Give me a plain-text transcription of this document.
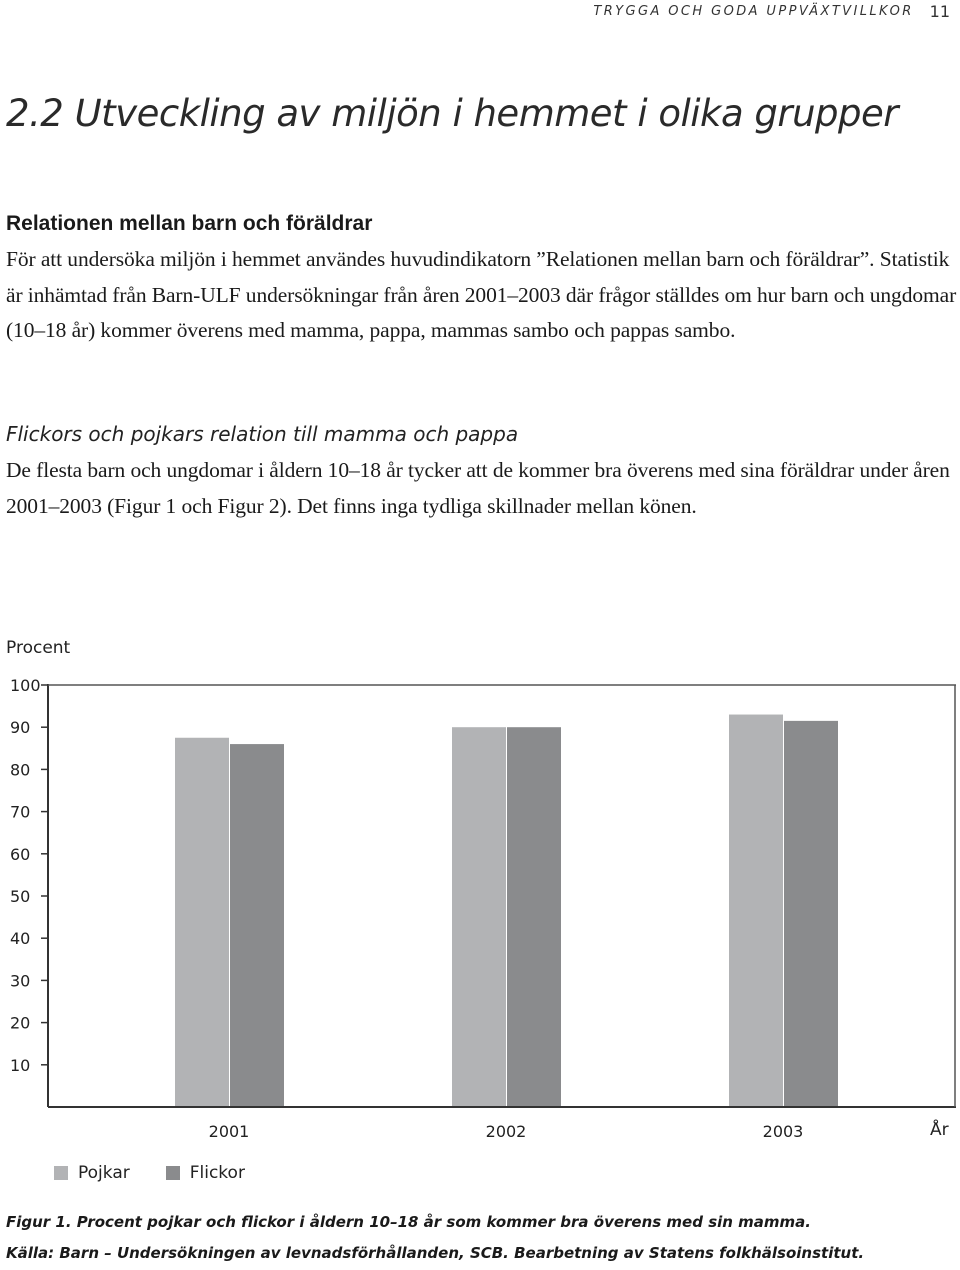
TRYGGA OCH GODA UPPVÄXTVILLKOR 11
2.2 Utveckling av miljön i hemmet i olika grupper
Relationen mellan barn och föräldrar

För att undersöka miljön i hemmet användes huvudindikatorn ”Relationen mellan barn och föräldrar”. Statistik är inhämtad från Barn-ULF undersökningar från åren 2001–2003 där frågor ställdes om hur barn och ungdomar (10–18 år) kommer överens med mamma, pappa, mammas sambo och pappas sambo.

Flickors och pojkars relation till mamma och pappa

De flesta barn och ungdomar i åldern 10–18 år tycker att de kommer bra överens med sina föräldrar under åren 2001–2003 (Figur 1 och Figur 2). Det finns inga tydliga skillnader mellan könen.

Procent
År
10
20
30
40
50
60
70
80
90
100
2001	2002	2003
Pojkar	Flickor

Figur 1. Procent pojkar och flickor i åldern 10–18 år som kommer bra överens med sin mamma.

Källa: Barn – Undersökningen av levnadsförhållanden, SCB. Bearbetning av Statens folkhälsoinstitut.
